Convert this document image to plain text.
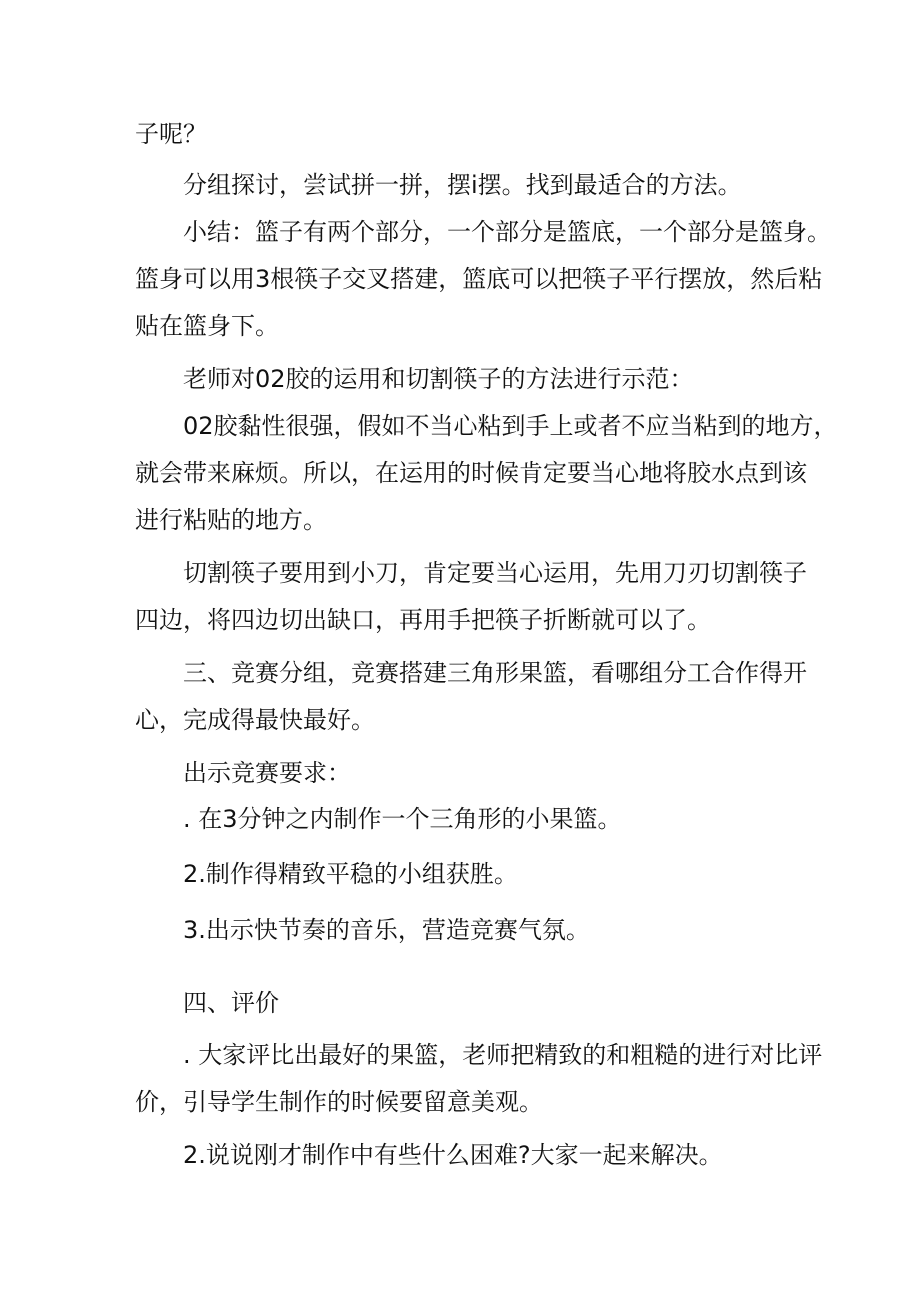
子呢？

分组探讨，尝试拼一拼，摆i摆。找到最适合的方法。

小结：篮子有两个部分，一个部分是篮底，一个部分是篮身。

篮身可以用3根筷子交叉搭建，篮底可以把筷子平行摆放，然后粘

贴在篮身下。

老师对02胶的运用和切割筷子的方法进行示范：

02胶黏性很强，假如不当心粘到手上或者不应当粘到的地方，

就会带来麻烦。所以，在运用的时候肯定要当心地将胶水点到该

进行粘贴的地方。

切割筷子要用到小刀，肯定要当心运用，先用刀刃切割筷子

四边，将四边切出缺口，再用手把筷子折断就可以了。

三、竞赛分组，竞赛搭建三角形果篮，看哪组分工合作得开

心，完成得最快最好。

出示竞赛要求：

. 在3分钟之内制作一个三角形的小果篮。

2.制作得精致平稳的小组获胜。

3.出示快节奏的音乐，营造竞赛气氛。

四、评价

. 大家评比出最好的果篮，老师把精致的和粗糙的进行对比评

价，引导学生制作的时候要留意美观。

2.说说刚才制作中有些什么困难?大家一起来解决。
